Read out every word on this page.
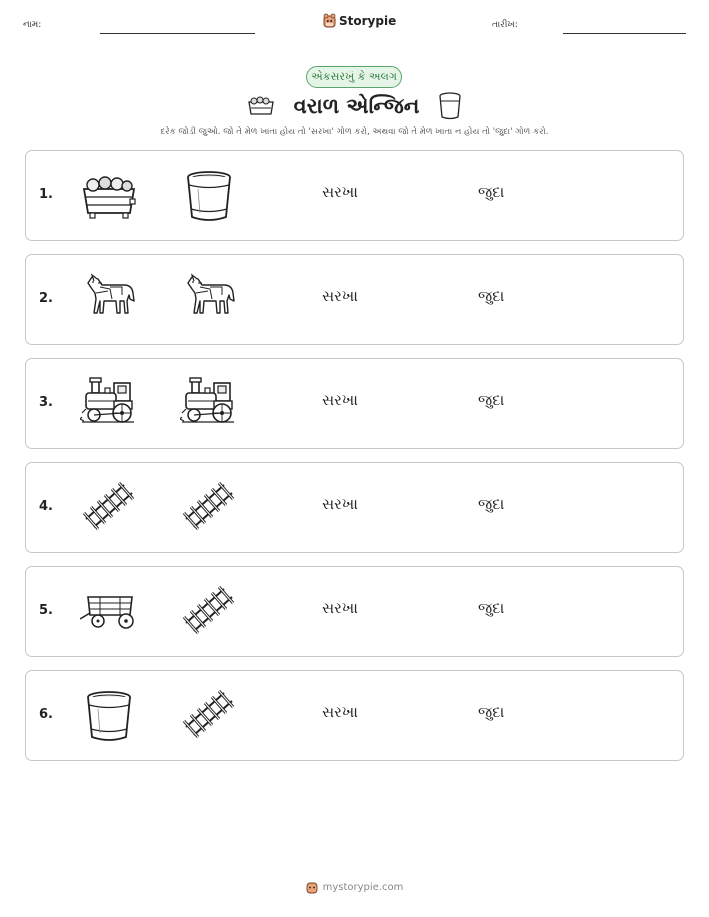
નામ:	Storypie	તારીખ:
એકસરખું કે અલગ
વરાળ એન્જિન
દરેક જોડી જુઓ. જો તે મેળ ખાતા હોય તો 'સરખા' ગોળ કરો, અથવા જો તે મેળ ખાતા ન હોય તો 'જુદા' ગોળ કરો.
1.	સરખા	જુદા
2.	સરખા	જુદા
3.	સરખા	જુદા
4.	સરખા	જુદા
5.	સરખા	જુદા
6.	સરખા	જુદા
mystorypie.com
